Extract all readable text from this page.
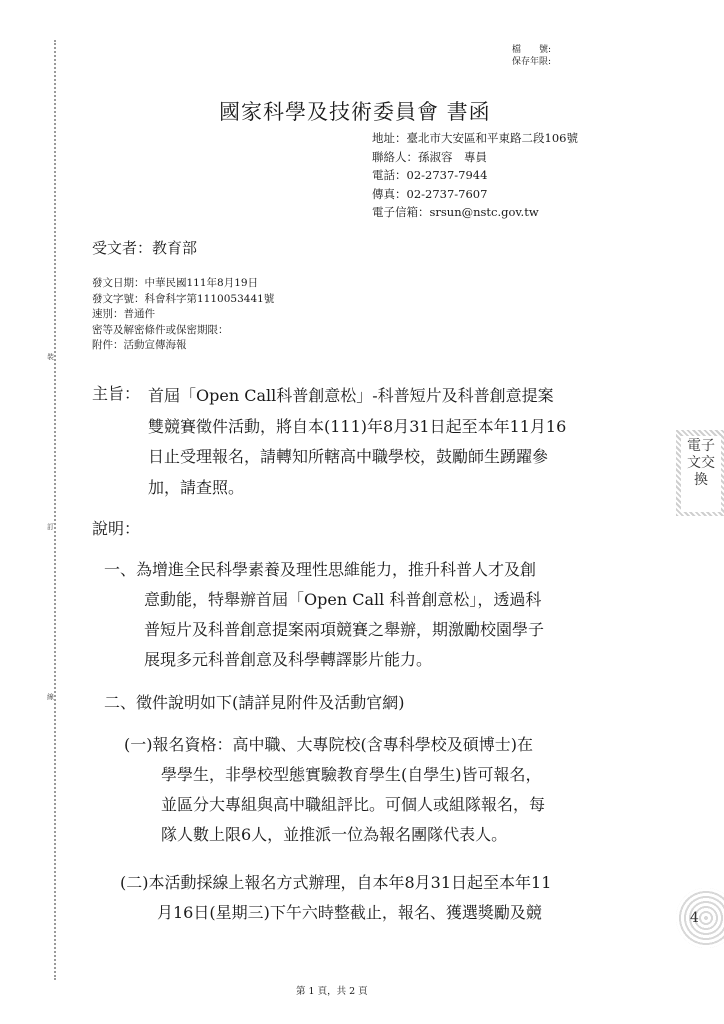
裝
訂
線
檔　　號:
保存年限:
國家科學及技術委員會 書函
地址：臺北市大安區和平東路二段106號
聯絡人：孫淑容　專員
電話：02-2737-7944
傳真：02-2737-7607
電子信箱：srsun@nstc.gov.tw
受文者：教育部
發文日期：中華民國111年8月19日
發文字號：科會科字第1110053441號
速別：普通件
密等及解密條件或保密期限：
附件：活動宣傳海報
主旨： 首屆「Open Call科普創意松」-科普短片及科普創意提案
雙競賽徵件活動，將自本(111)年8月31日起至本年11月16
日止受理報名，請轉知所轄高中職學校，鼓勵師生踴躍參
加，請查照。
說明：
一、為增進全民科學素養及理性思維能力，推升科普人才及創
意動能，特舉辦首屆「Open Call 科普創意松」，透過科
普短片及科普創意提案兩項競賽之舉辦，期激勵校園學子
展現多元科普創意及科學轉譯影片能力。
二、徵件說明如下(請詳見附件及活動官網)
(一)報名資格：高中職、大專院校(含專科學校及碩博士)在
學學生，非學校型態實驗教育學生(自學生)皆可報名，
並區分大專組與高中職組評比。可個人或組隊報名，每
隊人數上限6人，並推派一位為報名團隊代表人。
(二)本活動採線上報名方式辦理，自本年8月31日起至本年11
月16日(星期三)下午六時整截止，報名、獲選獎勵及競
電子文交換
4
第 1 頁，共 2 頁
